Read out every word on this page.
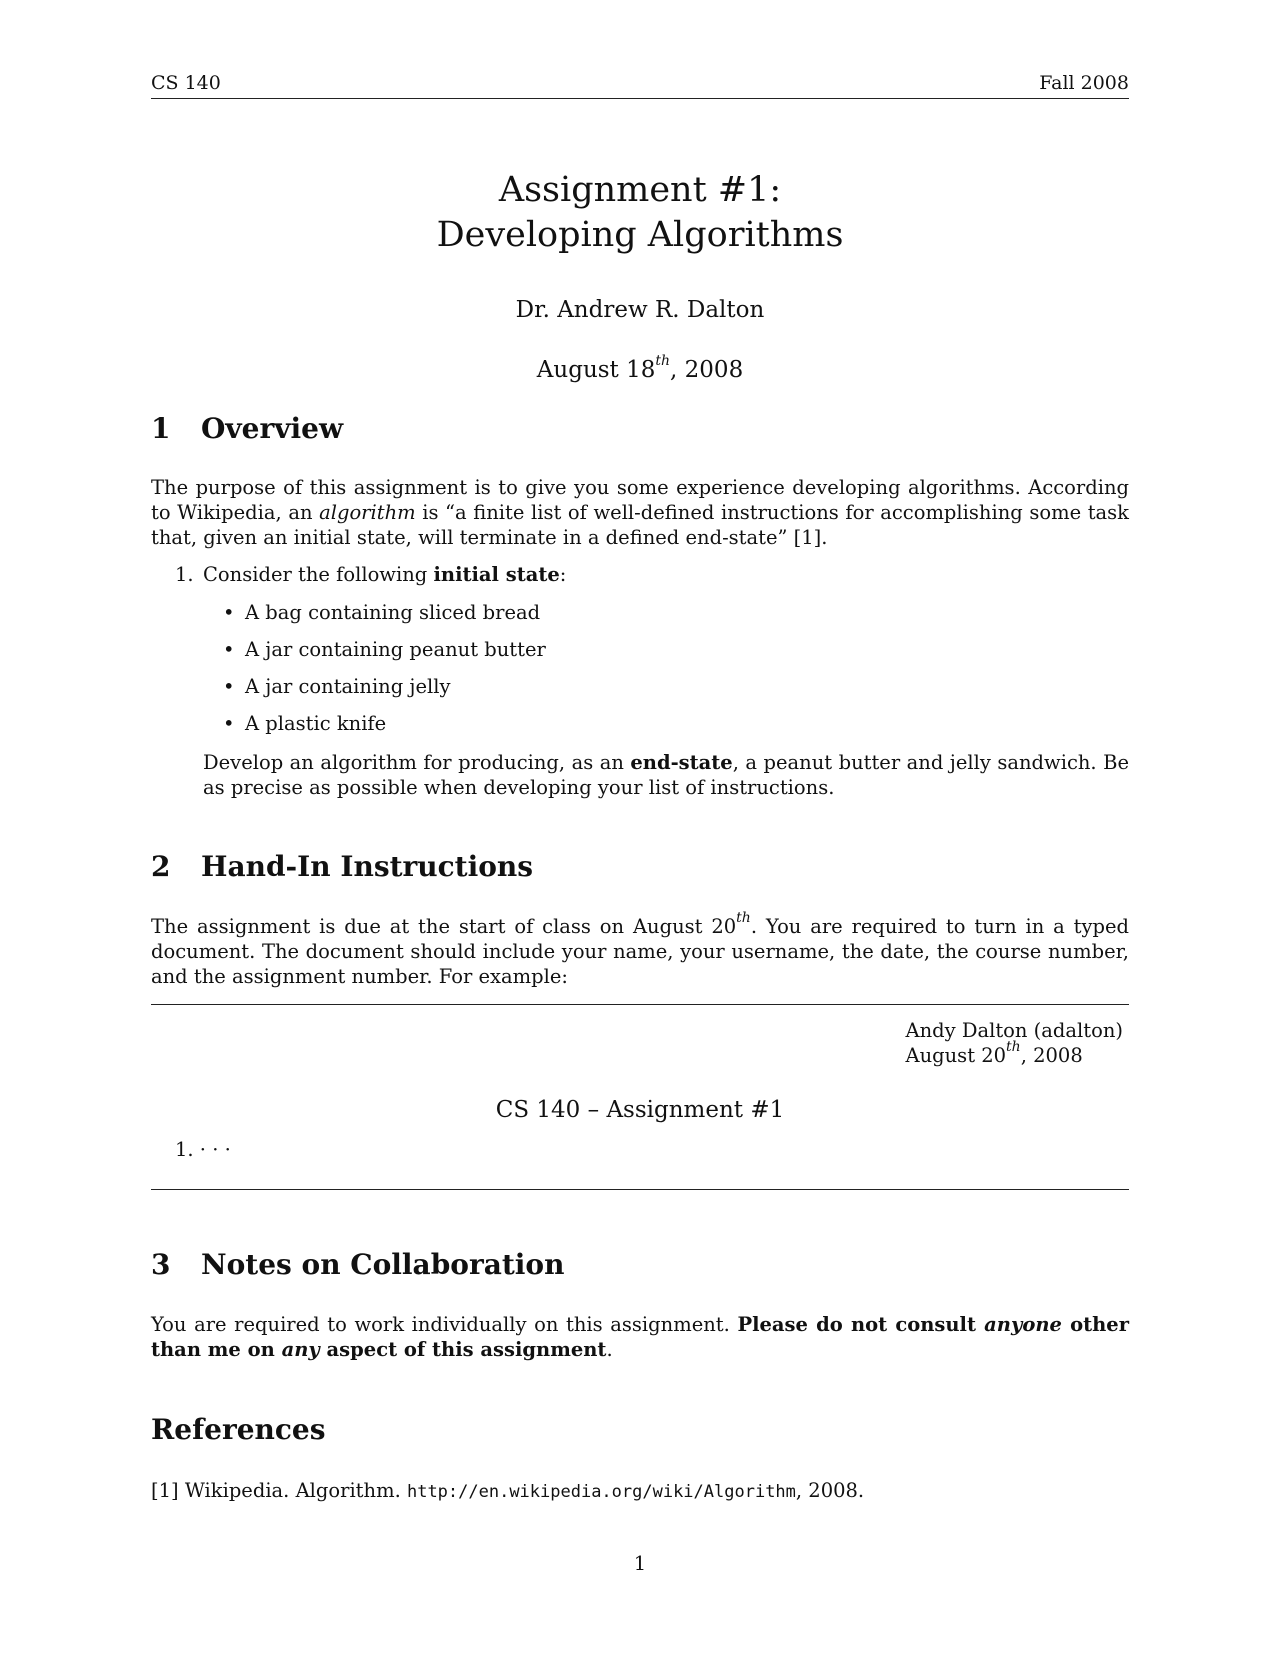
CS 140	Fall 2008
Assignment #1:
Developing Algorithms
Dr. Andrew R. Dalton
August 18th, 2008
1 Overview
The purpose of this assignment is to give you some experience developing algorithms. According to Wikipedia, an algorithm is “a finite list of well-defined instructions for accomplishing some task that, given an initial state, will terminate in a defined end-state” [1].
1. Consider the following initial state:
• A bag containing sliced bread
• A jar containing peanut butter
• A jar containing jelly
• A plastic knife
Develop an algorithm for producing, as an end-state, a peanut butter and jelly sandwich. Be as precise as possible when developing your list of instructions.
2 Hand-In Instructions
The assignment is due at the start of class on August 20th. You are required to turn in a typed document. The document should include your name, your username, the date, the course number, and the assignment number. For example:
Andy Dalton (adalton)
August 20th, 2008
CS 140 – Assignment #1
1. · · ·
3 Notes on Collaboration
You are required to work individually on this assignment. Please do not consult anyone other than me on any aspect of this assignment.
References
[1] Wikipedia. Algorithm. http://en.wikipedia.org/wiki/Algorithm, 2008.
1
